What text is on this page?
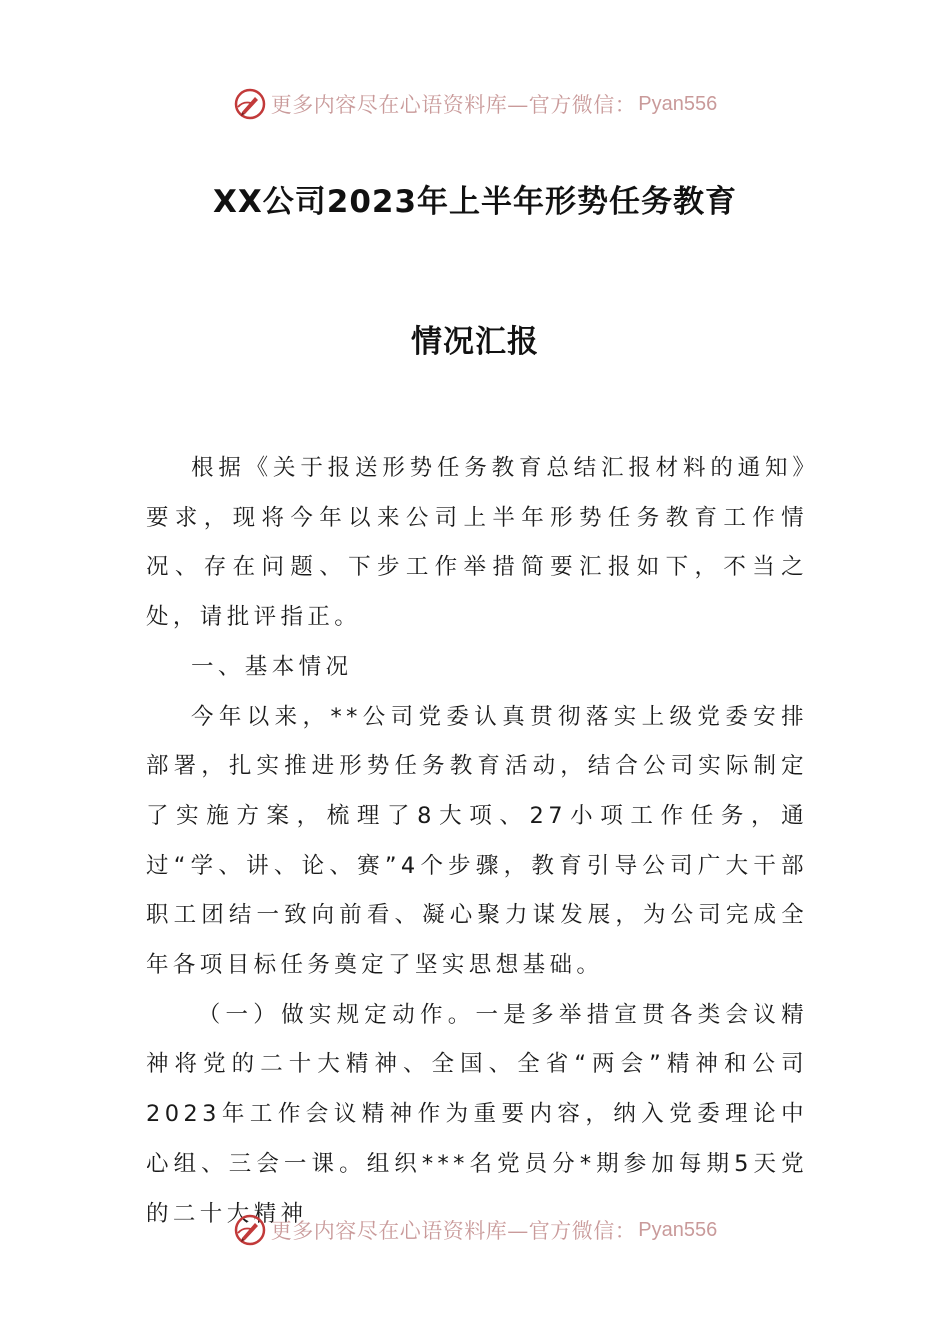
更多内容尽在心语资料库—官方微信： Pyan556
XX公司2023年上半年形势任务教育
情况汇报

根据《关于报送形势任务教育总结汇报材料的通知》要求，现将今年以来公司上半年形势任务教育工作情况、存在问题、下步工作举措简要汇报如下，不当之处，请批评指正。

一、基本情况

今年以来，**公司党委认真贯彻落实上级党委安排部署，扎实推进形势任务教育活动，结合公司实际制定了实施方案，梳理了8大项、27小项工作任务，通过“学、讲、论、赛”4个步骤，教育引导公司广大干部职工团结一致向前看、凝心聚力谋发展，为公司完成全年各项目标任务奠定了坚实思想基础。

（一）做实规定动作。一是多举措宣贯各类会议精神将党的二十大精神、全国、全省“两会”精神和公司2023年工作会议精神作为重要内容，纳入党委理论中心组、三会一课。组织***名党员分*期参加每期5天党的二十大精神

更多内容尽在心语资料库—官方微信： Pyan556
